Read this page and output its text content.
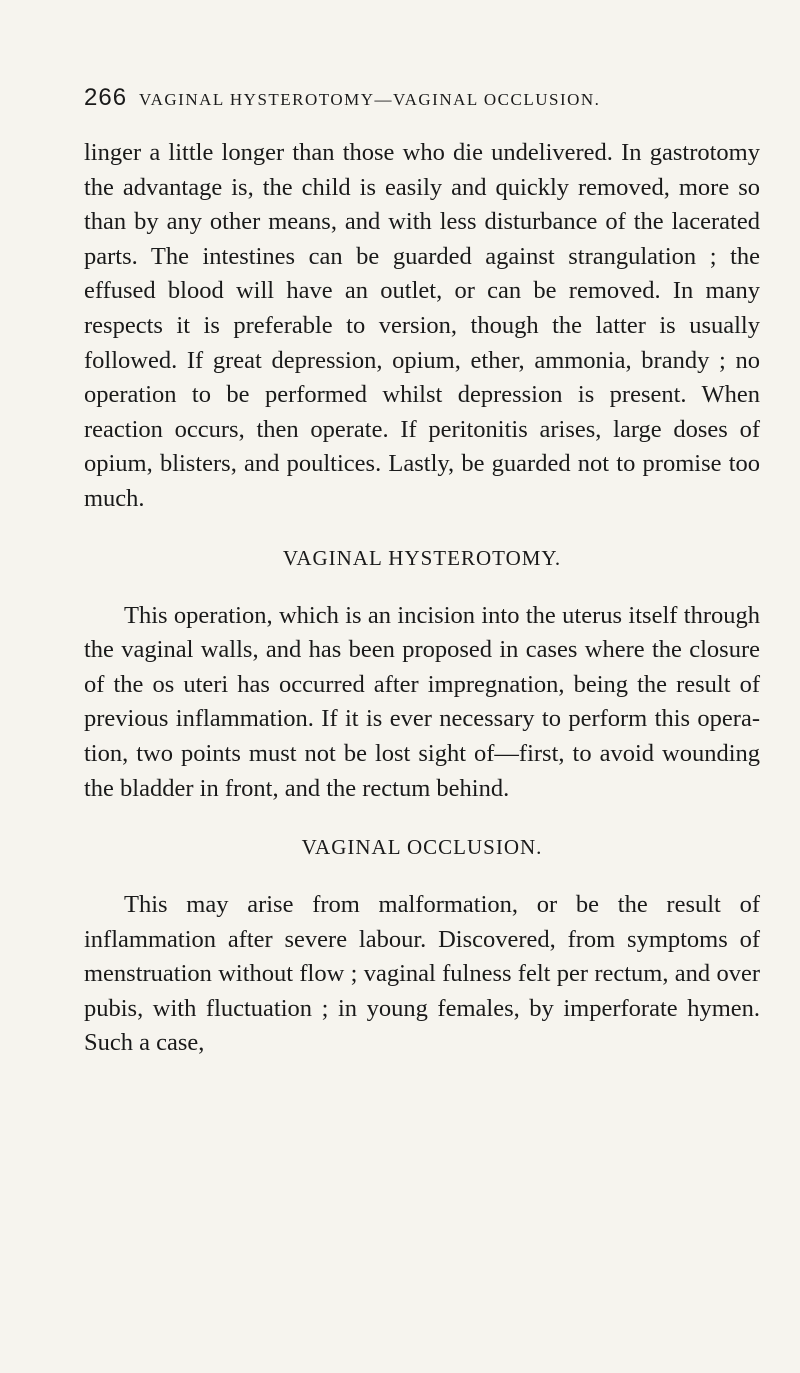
266 VAGINAL HYSTEROTOMY—VAGINAL OCCLUSION.

linger a little longer than those who die undelivered. In gastrotomy the advantage is, the child is easily and quickly removed, more so than by any other means, and with less disturbance of the lacerated parts. The intestines can be guarded against strangulation ; the effused blood will have an outlet, or can be removed. In many respects it is preferable to version, though the latter is usually followed. If great depression, opium, ether, ammonia, brandy ; no operation to be performed whilst depression is present. When reaction occurs, then operate. If peritonitis arises, large doses of opium, blisters, and poultices. Lastly, be guarded not to promise too much.

VAGINAL HYSTEROTOMY.

This operation, which is an incision into the uterus itself through the vaginal walls, and has been proposed in cases where the closure of the os uteri has occurred after impregnation, being the result of previous inflammation. If it is ever necessary to perform this operation, two points must not be lost sight of—first, to avoid wounding the bladder in front, and the rectum behind.

VAGINAL OCCLUSION.

This may arise from malformation, or be the result of inflammation after severe labour. Discovered, from symptoms of menstruation without flow ; vaginal fulness felt per rectum, and over pubis, with fluctuation ; in young females, by imperforate hymen. Such a case,
